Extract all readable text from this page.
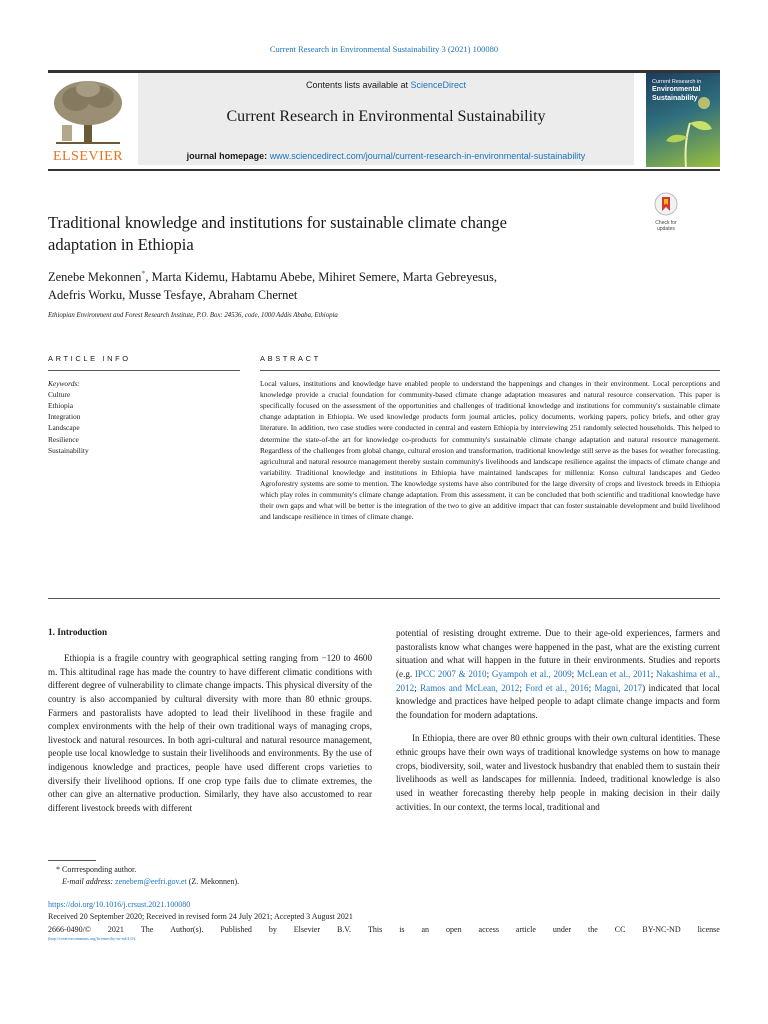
Current Research in Environmental Sustainability 3 (2021) 100080
ELSEVIER
Contents lists available at ScienceDirect
Current Research in Environmental Sustainability
journal homepage: www.sciencedirect.com/journal/current-research-in-environmental-sustainability
Current Research in
Environmental
Sustainability
Traditional knowledge and institutions for sustainable climate change
adaptation in Ethiopia
Check for updates
Zenebe Mekonnen*, Marta Kidemu, Habtamu Abebe, Mihiret Semere, Marta Gebreyesus,
Adefris Worku, Musse Tesfaye, Abraham Chernet
Ethiopian Environment and Forest Research Institute, P.O. Box: 24536, code, 1000 Addis Ababa, Ethiopia
ARTICLE INFO	ABSTRACT
Keywords:
Culture
Ethiopia
Integration
Landscape
Resilience
Sustainability
Local values, institutions and knowledge have enabled people to understand the happenings and changes in their environment. Local perceptions and knowledge provide a crucial foundation for community-based climate change adaptation measures and natural resource conservation. This paper is specifically focused on the assessment of the opportunities and challenges of traditional knowledge and institutions for community's sustainable climate change adaptation in Ethiopia. We used knowledge products form journal articles, policy documents, working papers, policy briefs, and other gray literature. In addition, two case studies were conducted in central and eastern Ethiopia by interviewing 251 randomly selected households. This helped to determine the state-of-the art for knowledge co-products for community's sustainable climate change adaptation and natural resource management. Regardless of the challenges from global change, cultural erosion and transformation, traditional knowledge still serve as the bases for weather forecasting, agricultural and natural resource management thereby sustain community's livelihoods and landscape resilience against the impacts of climate change and variability. Traditional knowledge and institutions in Ethiopia have maintained landscapes for millennia: Konso cultural landscapes and Gedeo Agroforestry systems are some to mention. The knowledge systems have also contributed for the large diversity of crops and livestock breeds in Ethiopia which play roles in community's climate change adaptation. From this assessment, it can be concluded that both scientific and traditional knowledge have their own gaps and what will be better is the integration of the two to give an additive impact that can foster sustainable development and build livelihood and landscape resilience in times of climate change.
1. Introduction

Ethiopia is a fragile country with geographical setting ranging from −120 to 4600 m. This altitudinal rage has made the country to have different climatic conditions with different degree of vulnerability to climate change impacts. This physical diversity of the country is also accompanied by cultural diversity with more than 80 ethnic groups. Farmers and pastoralists have adopted to lead their livelihood in these fragile and complex environments with the help of their own traditional ways of managing crops, livestock and natural resources. In both agri-cultural and natural resource management, people use local knowledge to sustain their livelihoods and environments. By the use of indigenous knowledge and practices, people have used different crops varieties to diversify their livelihood options. If one crop type fails due to climate extremes, the other can give an alternative production. Similarly, they have also accustomed to rear different livestock breeds with different

potential of resisting drought extreme. Due to their age-old experiences, farmers and pastoralists know what changes were happened in the past, what are the existing current situation and what will happen in the future in their environments. Studies and reports (e.g. IPCC 2007 & 2010; Gyampoh et al., 2009; McLean et al., 2011; Nakashima et al., 2012; Ramos and McLean, 2012; Ford et al., 2016; Magni, 2017) indicated that local knowledge and practices have helped people to adapt climate change impacts and form the foundation for modern adaptations.

In Ethiopia, there are over 80 ethnic groups with their own cultural identities. These ethnic groups have their own ways of traditional knowledge systems on how to manage crops, biodiversity, soil, water and livestock husbandry that enabled them to sustain their livelihoods as well as landscapes for millennia. Indeed, traditional knowledge is also used in weather forecasting thereby help people in making decision in their daily activities. In our context, the terms local, traditional and

* Corrresponding author.
E-mail address: zenebem@eefri.gov.et (Z. Mekonnen).
https://doi.org/10.1016/j.crsust.2021.100080
Received 20 September 2020; Received in revised form 24 July 2021; Accepted 3 August 2021
2666-0490/© 2021 The Author(s). Published by Elsevier B.V. This is an open access article under the CC BY-NC-ND license
(http://creativecommons.org/licenses/by-nc-nd/4.0/).
